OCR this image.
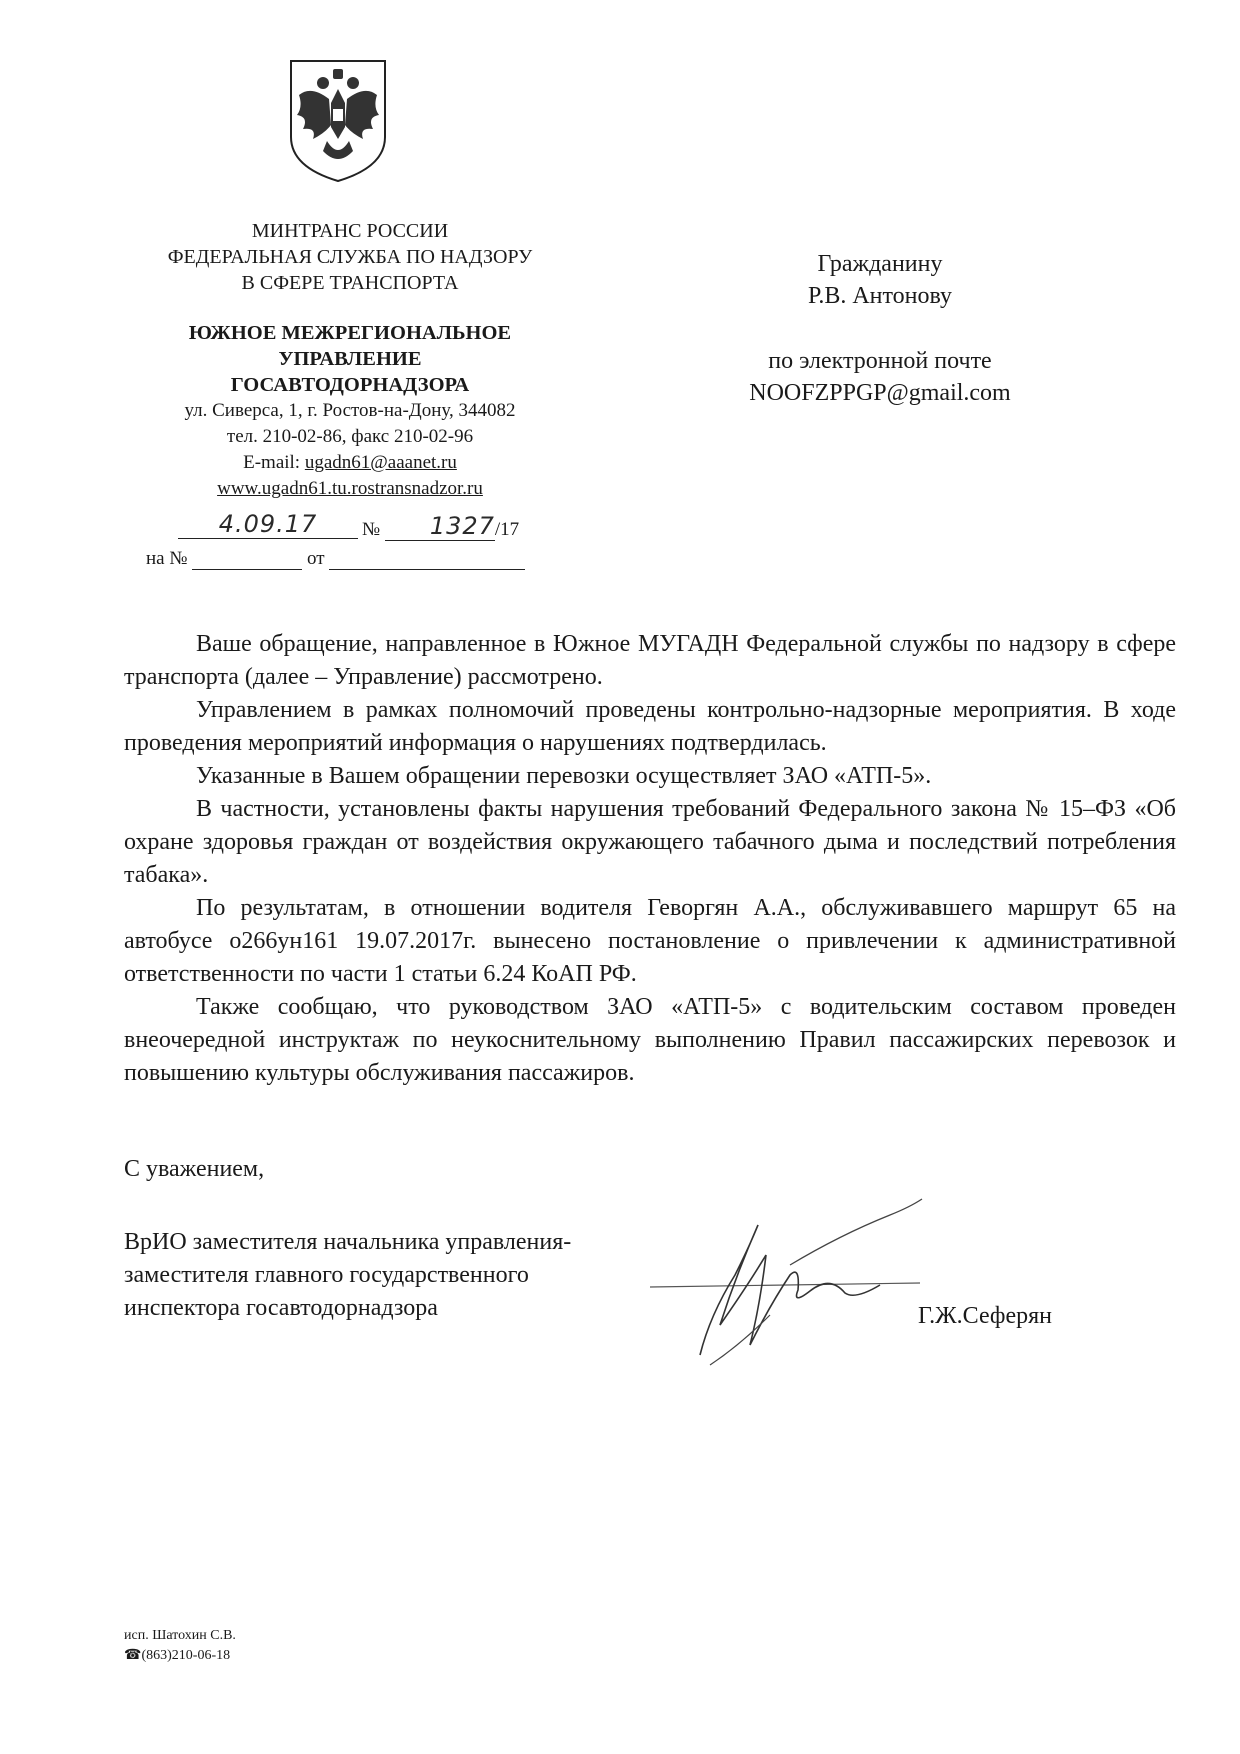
МИНТРАНС РОССИИ
ФЕДЕРАЛЬНАЯ СЛУЖБА ПО НАДЗОРУ
В СФЕРЕ ТРАНСПОРТА
ЮЖНОЕ МЕЖРЕГИОНАЛЬНОЕ
УПРАВЛЕНИЕ
ГОСАВТОДОРНАДЗОРА
ул. Сиверса, 1, г. Ростов-на-Дону, 344082
тел. 210-02-86, факс 210-02-96
E-mail: ugadn61@aaanet.ru
www.ugadn61.tu.rostransnadzor.ru
4.09.17	№ 1327/17
на №	от
Гражданину
Р.В. Антонову
по электронной почте
NOOFZPPGP@gmail.com

Ваше обращение, направленное в Южное МУГАДН Федеральной службы по надзору в сфере транспорта (далее – Управление) рассмотрено.

Управлением в рамках полномочий проведены контрольно-надзорные мероприятия. В ходе проведения мероприятий информация о нарушениях подтвердилась.

Указанные в Вашем обращении перевозки осуществляет ЗАО «АТП-5».

В частности, установлены факты нарушения требований Федерального закона № 15–ФЗ «Об охране здоровья граждан от воздействия окружающего табачного дыма и последствий потребления табака».

По результатам, в отношении водителя Геворгян А.А., обслуживавшего маршрут 65 на автобусе о266ун161 19.07.2017г. вынесено постановление о привлечении к административной ответственности по части 1 статьи 6.24 КоАП РФ.

Также сообщаю, что руководством ЗАО «АТП-5» с водительским составом проведен внеочередной инструктаж по неукоснительному выполнению Правил пассажирских перевозок и повышению культуры обслуживания пассажиров.

С уважением,
ВрИО заместителя начальника управления-
заместителя главного государственного
инспектора госавтодорнадзора	Г.Ж.Сеферян
исп. Шатохин С.В.
☎(863)210-06-18
